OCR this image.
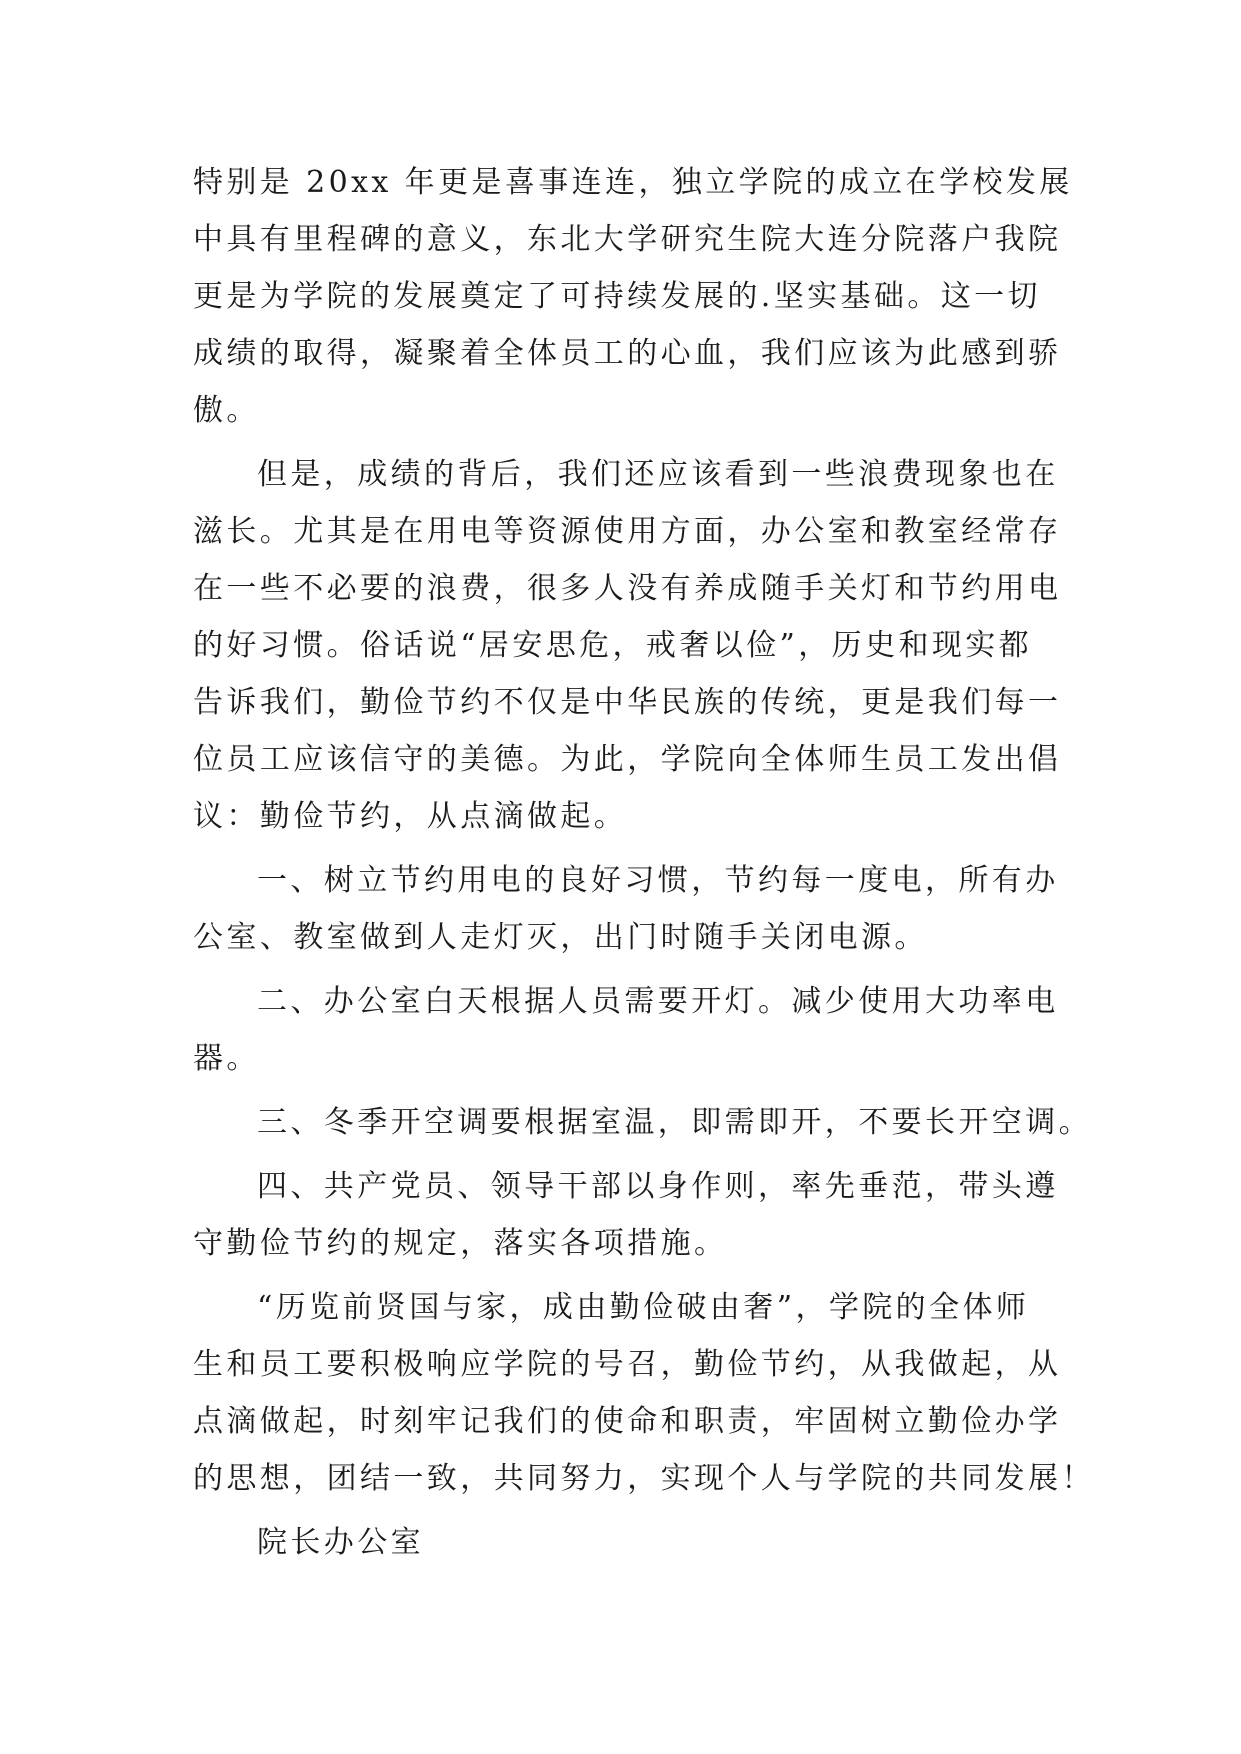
特别是 20xx 年更是喜事连连，独立学院的成立在学校发展
中具有里程碑的意义，东北大学研究生院大连分院落户我院
更是为学院的发展奠定了可持续发展的.坚实基础。这一切
成绩的取得，凝聚着全体员工的心血，我们应该为此感到骄
傲。
但是，成绩的背后，我们还应该看到一些浪费现象也在
滋长。尤其是在用电等资源使用方面，办公室和教室经常存
在一些不必要的浪费，很多人没有养成随手关灯和节约用电
的好习惯。俗话说“居安思危，戒奢以俭”，历史和现实都
告诉我们，勤俭节约不仅是中华民族的传统，更是我们每一
位员工应该信守的美德。为此，学院向全体师生员工发出倡
议：勤俭节约，从点滴做起。
一、树立节约用电的良好习惯，节约每一度电，所有办
公室、教室做到人走灯灭，出门时随手关闭电源。
二、办公室白天根据人员需要开灯。减少使用大功率电
器。
三、冬季开空调要根据室温，即需即开，不要长开空调。
四、共产党员、领导干部以身作则，率先垂范，带头遵
守勤俭节约的规定，落实各项措施。
“历览前贤国与家，成由勤俭破由奢”，学院的全体师
生和员工要积极响应学院的号召，勤俭节约，从我做起，从
点滴做起，时刻牢记我们的使命和职责，牢固树立勤俭办学
的思想，团结一致，共同努力，实现个人与学院的共同发展！
院长办公室
